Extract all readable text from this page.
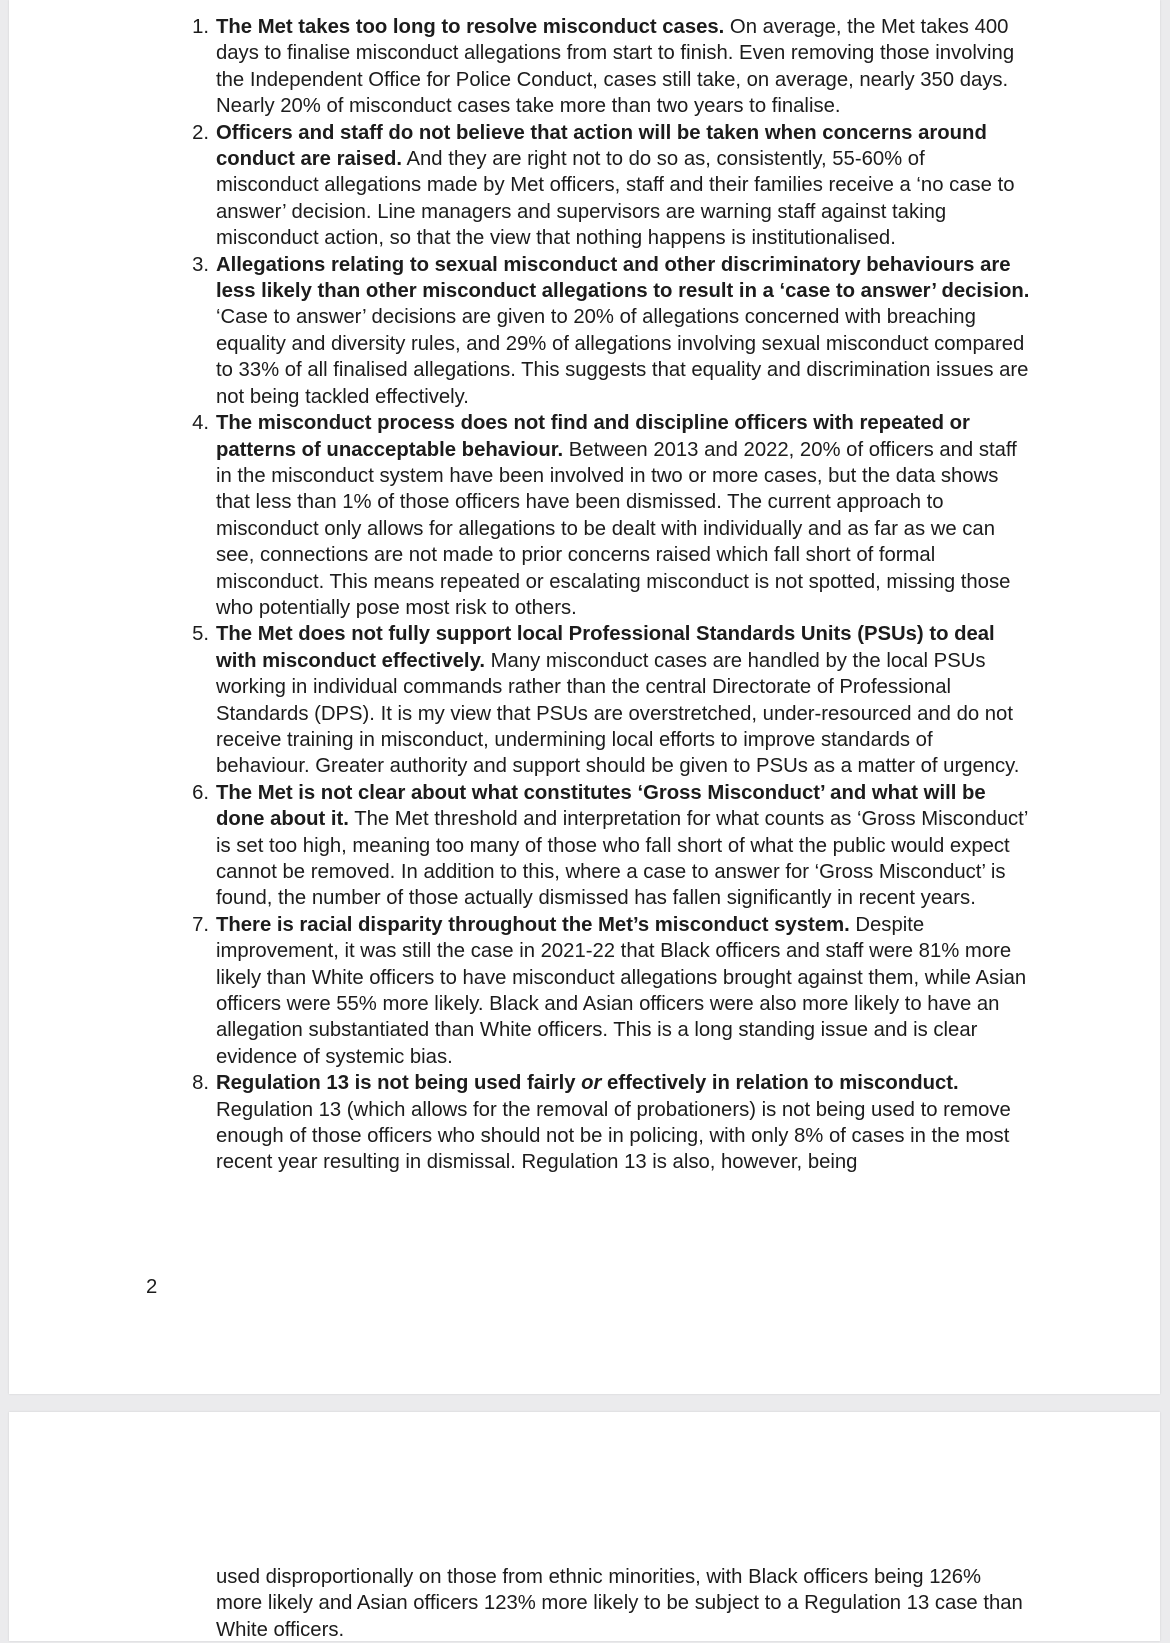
1. The Met takes too long to resolve misconduct cases. On average, the Met takes 400 days to finalise misconduct allegations from start to finish. Even removing those involving the Independent Office for Police Conduct, cases still take, on average, nearly 350 days. Nearly 20% of misconduct cases take more than two years to finalise.
2. Officers and staff do not believe that action will be taken when concerns around conduct are raised. And they are right not to do so as, consistently, 55-60% of misconduct allegations made by Met officers, staff and their families receive a ‘no case to answer’ decision. Line managers and supervisors are warning staff against taking misconduct action, so that the view that nothing happens is institutionalised.
3. Allegations relating to sexual misconduct and other discriminatory behaviours are less likely than other misconduct allegations to result in a ‘case to answer’ decision. ‘Case to answer’ decisions are given to 20% of allegations concerned with breaching equality and diversity rules, and 29% of allegations involving sexual misconduct compared to 33% of all finalised allegations. This suggests that equality and discrimination issues are not being tackled effectively.
4. The misconduct process does not find and discipline officers with repeated or patterns of unacceptable behaviour. Between 2013 and 2022, 20% of officers and staff in the misconduct system have been involved in two or more cases, but the data shows that less than 1% of those officers have been dismissed. The current approach to misconduct only allows for allegations to be dealt with individually and as far as we can see, connections are not made to prior concerns raised which fall short of formal misconduct. This means repeated or escalating misconduct is not spotted, missing those who potentially pose most risk to others.
5. The Met does not fully support local Professional Standards Units (PSUs) to deal with misconduct effectively. Many misconduct cases are handled by the local PSUs working in individual commands rather than the central Directorate of Professional Standards (DPS). It is my view that PSUs are overstretched, under-resourced and do not receive training in misconduct, undermining local efforts to improve standards of behaviour. Greater authority and support should be given to PSUs as a matter of urgency.
6. The Met is not clear about what constitutes ‘Gross Misconduct’ and what will be done about it. The Met threshold and interpretation for what counts as ‘Gross Misconduct’ is set too high, meaning too many of those who fall short of what the public would expect cannot be removed. In addition to this, where a case to answer for ‘Gross Misconduct’ is found, the number of those actually dismissed has fallen significantly in recent years.
7. There is racial disparity throughout the Met’s misconduct system. Despite improvement, it was still the case in 2021-22 that Black officers and staff were 81% more likely than White officers to have misconduct allegations brought against them, while Asian officers were 55% more likely. Black and Asian officers were also more likely to have an allegation substantiated than White officers. This is a long standing issue and is clear evidence of systemic bias.
8. Regulation 13 is not being used fairly or effectively in relation to misconduct. Regulation 13 (which allows for the removal of probationers) is not being used to remove enough of those officers who should not be in policing, with only 8% of cases in the most recent year resulting in dismissal. Regulation 13 is also, however, being
2

used disproportionally on those from ethnic minorities, with Black officers being 126% more likely and Asian officers 123% more likely to be subject to a Regulation 13 case than White officers.
